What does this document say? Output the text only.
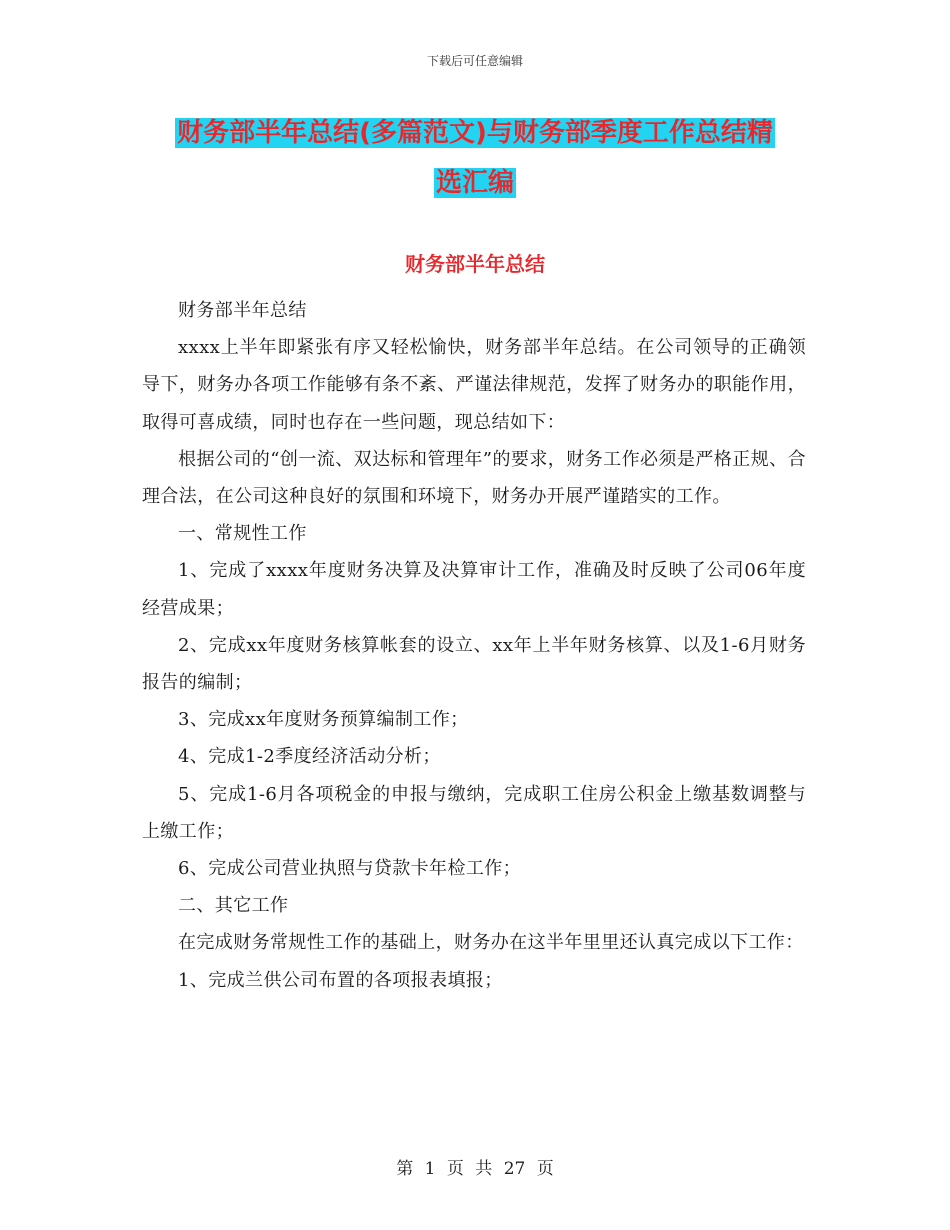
下载后可任意编辑
财务部半年总结(多篇范文)与财务部季度工作总结精
选汇编
财务部半年总结

财务部半年总结

xxxx上半年即紧张有序又轻松愉快，财务部半年总结。在公司领导的正确领导下，财务办各项工作能够有条不紊、严谨法律规范，发挥了财务办的职能作用，取得可喜成绩，同时也存在一些问题，现总结如下：

根据公司的“创一流、双达标和管理年”的要求，财务工作必须是严格正规、合理合法，在公司这种良好的氛围和环境下，财务办开展严谨踏实的工作。

一、常规性工作

1、完成了xxxx年度财务决算及决算审计工作，准确及时反映了公司06年度经营成果；

2、完成xx年度财务核算帐套的设立、xx年上半年财务核算、以及1-6月财务报告的编制；

3、完成xx年度财务预算编制工作；

4、完成1-2季度经济活动分析；

5、完成1-6月各项税金的申报与缴纳，完成职工住房公积金上缴基数调整与上缴工作；

6、完成公司营业执照与贷款卡年检工作；

二、其它工作

在完成财务常规性工作的基础上，财务办在这半年里里还认真完成以下工作：

1、完成兰供公司布置的各项报表填报；

第 1 页 共 27 页
